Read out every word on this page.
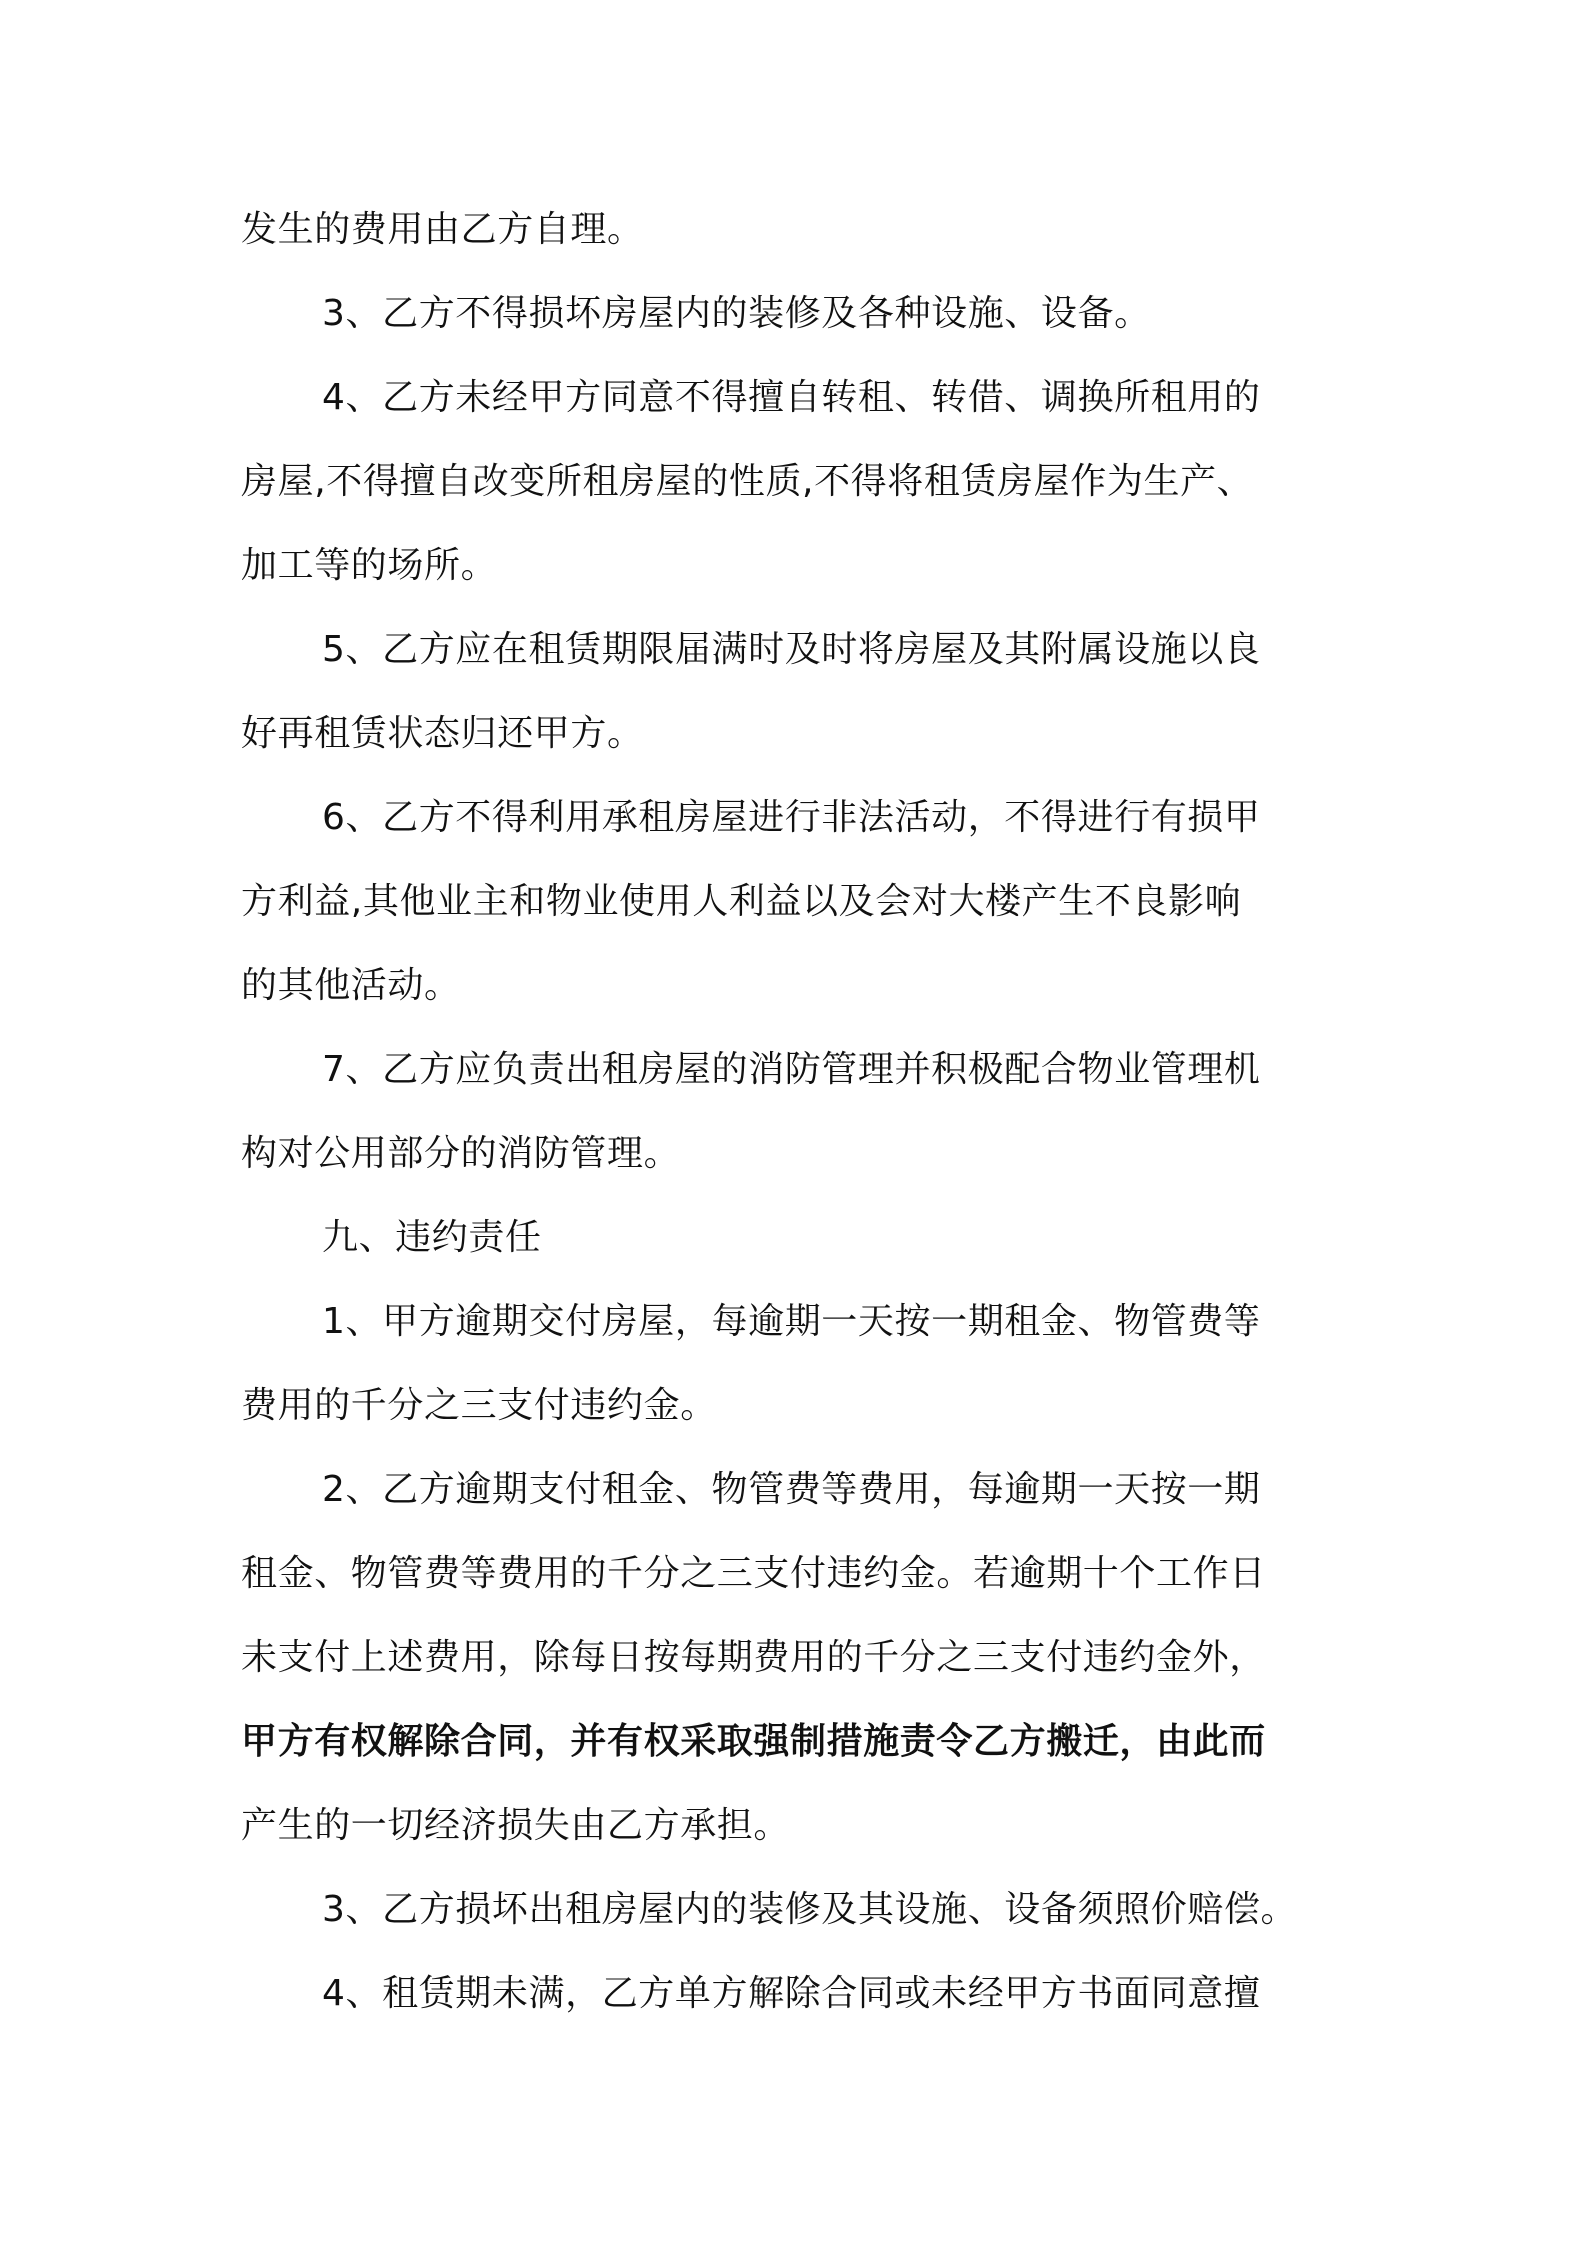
发生的费用由乙方自理。
3、乙方不得损坏房屋内的装修及各种设施、设备。
4、乙方未经甲方同意不得擅自转租、转借、调换所租用的
房屋,不得擅自改变所租房屋的性质,不得将租赁房屋作为生产、
加工等的场所。
5、乙方应在租赁期限届满时及时将房屋及其附属设施以良
好再租赁状态归还甲方。
6、乙方不得利用承租房屋进行非法活动，不得进行有损甲
方利益,其他业主和物业使用人利益以及会对大楼产生不良影响
的其他活动。
7、乙方应负责出租房屋的消防管理并积极配合物业管理机
构对公用部分的消防管理。
九、违约责任
1、甲方逾期交付房屋，每逾期一天按一期租金、物管费等
费用的千分之三支付违约金。
2、乙方逾期支付租金、物管费等费用，每逾期一天按一期
租金、物管费等费用的千分之三支付违约金。若逾期十个工作日
未支付上述费用，除每日按每期费用的千分之三支付违约金外，
甲方有权解除合同，并有权采取强制措施责令乙方搬迁，由此而
产生的一切经济损失由乙方承担。
3、乙方损坏出租房屋内的装修及其设施、设备须照价赔偿。
4、租赁期未满，乙方单方解除合同或未经甲方书面同意擅
